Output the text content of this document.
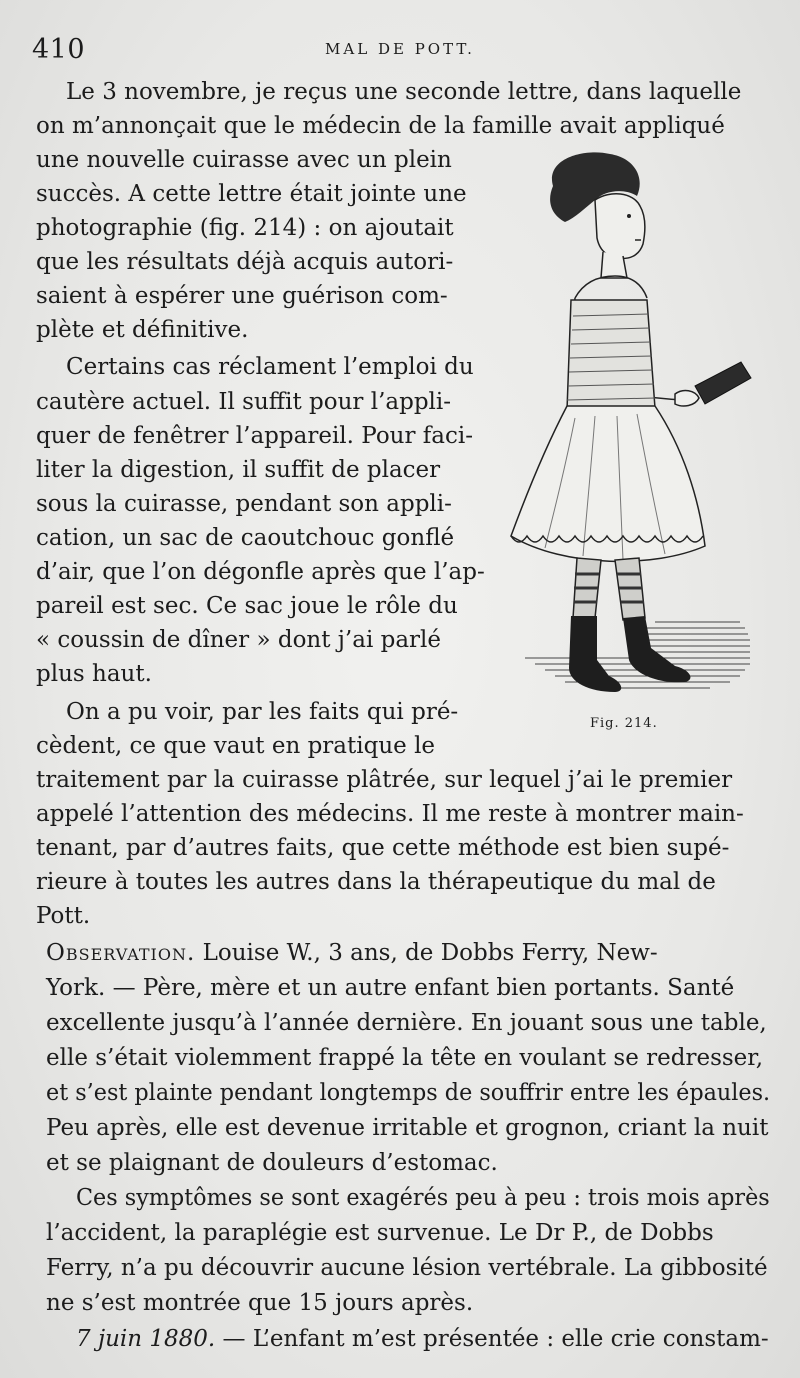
410	MAL DE POTT.
Le 3 novembre, je reçus une seconde lettre, dans laquelle
on m’annonçait que le médecin de la famille avait appliqué
une nouvelle cuirasse avec un plein
succès. A cette lettre était jointe une
photographie (fig. 214) : on ajoutait
que les résultats déjà acquis autori-
saient à espérer une guérison com-
plète et définitive.
Certains cas réclament l’emploi du
cautère actuel. Il suffit pour l’appli-
quer de fenêtrer l’appareil. Pour faci-
liter la digestion, il suffit de placer
sous la cuirasse, pendant son appli-
cation, un sac de caoutchouc gonflé
d’air, que l’on dégonfle après que l’ap-
pareil est sec. Ce sac joue le rôle du
« coussin de dîner » dont j’ai parlé
plus haut.
On a pu voir, par les faits qui pré-
cèdent, ce que vaut en pratique le
traitement par la cuirasse plâtrée, sur lequel j’ai le premier
appelé l’attention des médecins. Il me reste à montrer main-
tenant, par d’autres faits, que cette méthode est bien supé-
rieure à toutes les autres dans la thérapeutique du mal de
Pott.
Observation. Louise W., 3 ans, de Dobbs Ferry, New-
York. — Père, mère et un autre enfant bien portants. Santé
excellente jusqu’à l’année dernière. En jouant sous une table,
elle s’était violemment frappé la tête en voulant se redresser,
et s’est plainte pendant longtemps de souffrir entre les épaules.
Peu après, elle est devenue irritable et grognon, criant la nuit
et se plaignant de douleurs d’estomac.
Ces symptômes se sont exagérés peu à peu : trois mois après
l’accident, la paraplégie est survenue. Le Dr P., de Dobbs
Ferry, n’a pu découvrir aucune lésion vertébrale. La gibbosité
ne s’est montrée que 15 jours après.
7 juin 1880. — L’enfant m’est présentée : elle crie constam-
Fig. 214.
